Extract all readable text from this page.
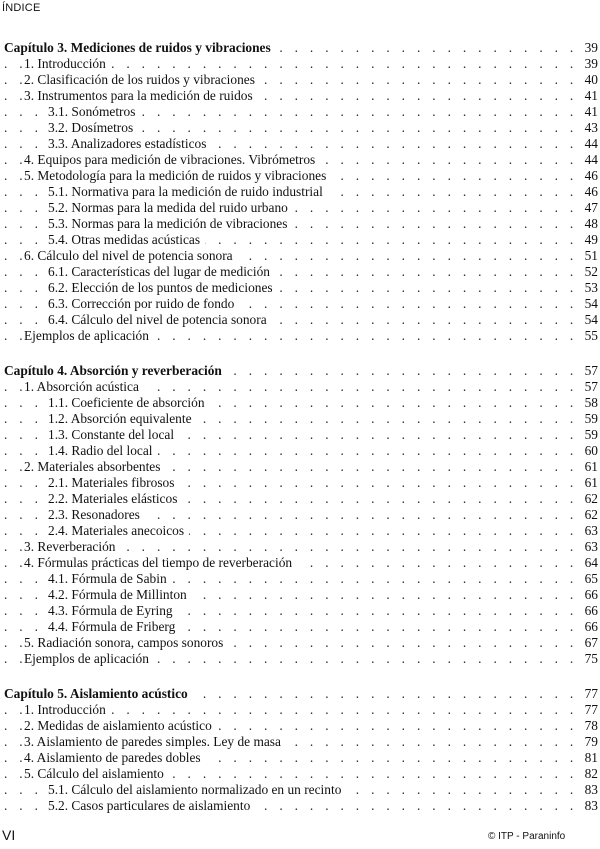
ÍNDICE
. . .
Capítulo 3. Mediciones de ruidos y vibraciones	39
. . .
1. Introducción	39
. . .
2. Clasificación de los ruidos y vibraciones	40
. . .
3. Instrumentos para la medición de ruidos	41
. . .
3.1. Sonómetros	41
. . .
3.2. Dosímetros	43
. . .
3.3. Analizadores estadísticos	44
. . .
4. Equipos para medición de vibraciones. Vibrómetros	44
. . .
5. Metodología para la medición de ruidos y vibraciones	46
. . .
5.1. Normativa para la medición de ruido industrial	46
. . .
5.2. Normas para la medida del ruido urbano	47
. . .
5.3. Normas para la medición de vibraciones	48
. . .
5.4. Otras medidas acústicas	49
. . .
6. Cálculo del nivel de potencia sonora	51
. . .
6.1. Características del lugar de medición	52
. . .
6.2. Elección de los puntos de mediciones	53
. . .
6.3. Corrección por ruido de fondo	54
. . .
6.4. Cálculo del nivel de potencia sonora	54
. . .
Ejemplos de aplicación	55
. . .
Capítulo 4. Absorción y reverberación	57
. . .
1. Absorción acústica	57
. . .
1.1. Coeficiente de absorción	58
. . .
1.2. Absorción equivalente	59
. . .
1.3. Constante del local	59
. . .
1.4. Radio del local	60
. . .
2. Materiales absorbentes	61
. . .
2.1. Materiales fibrosos	61
. . .
2.2. Materiales elásticos	62
. . .
2.3. Resonadores	62
. . .
2.4. Materiales anecoicos	63
. . .
3. Reverberación	63
. . .
4. Fórmulas prácticas del tiempo de reverberación	64
. . .
4.1. Fórmula de Sabin	65
. . .
4.2. Fórmula de Millinton	66
. . .
4.3. Fórmula de Eyring	66
. . .
4.4. Fórmula de Friberg	66
. . .
5. Radiación sonora, campos sonoros	67
. . .
Ejemplos de aplicación	75
. . .
Capítulo 5. Aislamiento acústico	77
. . .
1. Introducción	77
. . .
2. Medidas de aislamiento acústico	78
. . .
3. Aislamiento de paredes simples. Ley de masa	79
. . .
4. Aislamiento de paredes dobles	81
. . .
5. Cálculo del aislamiento	82
. . .
5.1. Cálculo del aislamiento normalizado en un recinto	83
. . .
5.2. Casos particulares de aislamiento	83
VI	© ITP - Paraninfo
